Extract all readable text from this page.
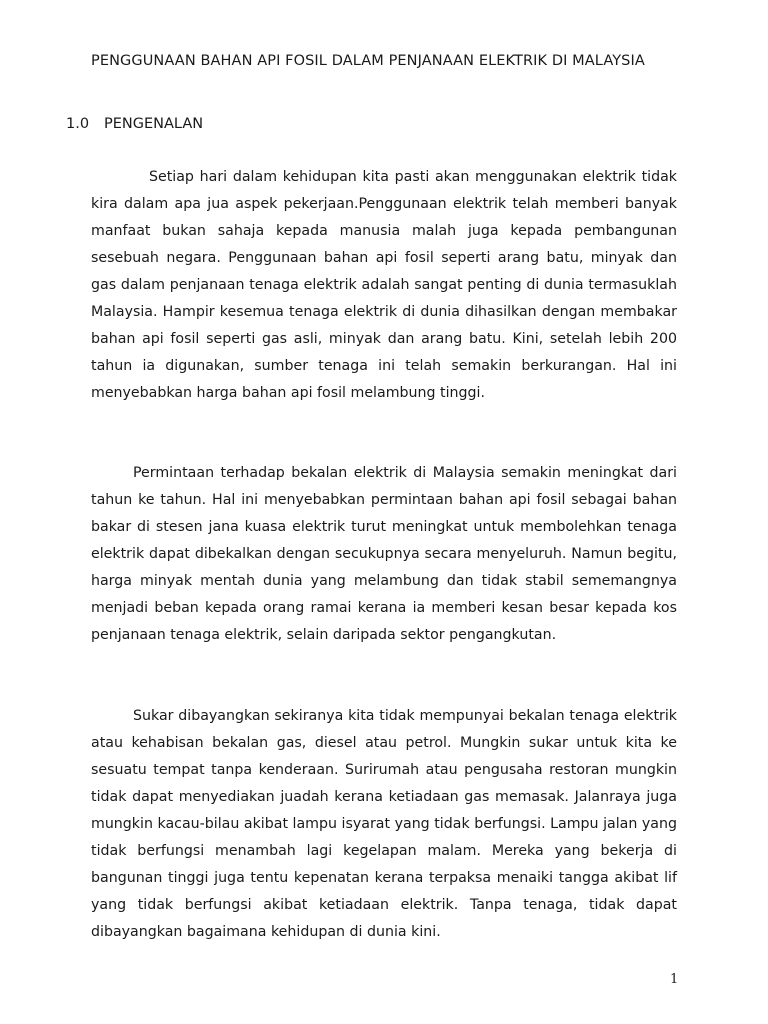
PENGGUNAAN BAHAN API FOSIL DALAM PENJANAAN ELEKTRIK DI MALAYSIA
1.0 PENGENALAN

Setiap hari dalam kehidupan kita pasti akan menggunakan elektrik tidak kira dalam apa jua aspek pekerjaan.Penggunaan elektrik telah memberi banyak manfaat bukan sahaja kepada manusia malah juga kepada pembangunan sesebuah negara. Penggunaan bahan api fosil seperti arang batu, minyak dan gas dalam penjanaan tenaga elektrik adalah sangat penting di dunia termasuklah Malaysia. Hampir kesemua tenaga elektrik di dunia dihasilkan dengan membakar bahan api fosil seperti gas asli, minyak dan arang batu. Kini, setelah lebih 200 tahun ia digunakan, sumber tenaga ini telah semakin berkurangan. Hal ini menyebabkan harga bahan api fosil melambung tinggi.

Permintaan terhadap bekalan elektrik di Malaysia semakin meningkat dari tahun ke tahun. Hal ini menyebabkan permintaan bahan api fosil sebagai bahan bakar di stesen jana kuasa elektrik turut meningkat untuk membolehkan tenaga elektrik dapat dibekalkan dengan secukupnya secara menyeluruh. Namun begitu, harga minyak mentah dunia yang melambung dan tidak stabil sememangnya menjadi beban kepada orang ramai kerana ia memberi kesan besar kepada kos penjanaan tenaga elektrik, selain daripada sektor pengangkutan.

Sukar dibayangkan sekiranya kita tidak mempunyai bekalan tenaga elektrik atau kehabisan bekalan gas, diesel atau petrol. Mungkin sukar untuk kita ke sesuatu tempat tanpa kenderaan. Surirumah atau pengusaha restoran mungkin tidak dapat menyediakan juadah kerana ketiadaan gas memasak. Jalanraya juga mungkin kacau-bilau akibat lampu isyarat yang tidak berfungsi. Lampu jalan yang tidak berfungsi menambah lagi kegelapan malam. Mereka yang bekerja di bangunan tinggi juga tentu kepenatan kerana terpaksa menaiki tangga akibat lif yang tidak berfungsi akibat ketiadaan elektrik. Tanpa tenaga, tidak dapat dibayangkan bagaimana kehidupan di dunia kini.

1
